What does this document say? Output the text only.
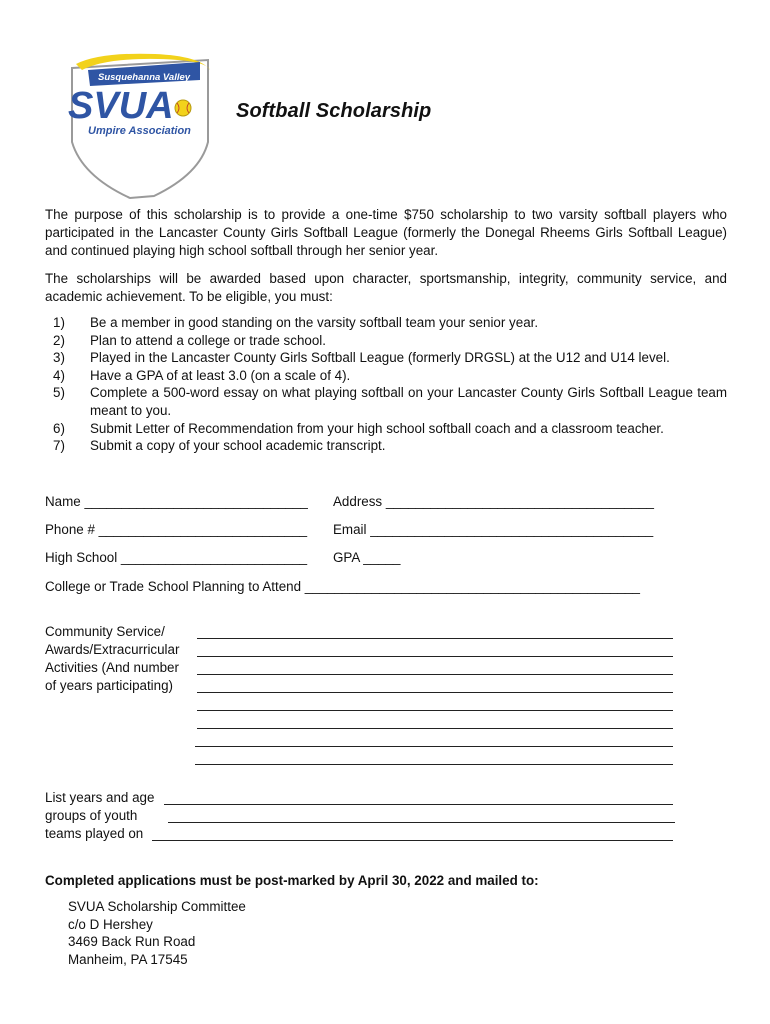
Susquehanna Valley
SVUA
Umpire Association
Softball Scholarship

The purpose of this scholarship is to provide a one-time $750 scholarship to two varsity softball players who participated in the Lancaster County Girls Softball League (formerly the Donegal Rheems Girls Softball League) and continued playing high school softball through her senior year.

The scholarships will be awarded based upon character, sportsmanship, integrity, community service, and academic achievement. To be eligible, you must:

1)	Be a member in good standing on the varsity softball team your senior year.
2)	Plan to attend a college or trade school.
3)	Played in the Lancaster County Girls Softball League (formerly DRGSL) at the U12 and U14 level.
4)	Have a GPA of at least 3.0 (on a scale of 4).
5)	Complete a 500-word essay on what playing softball on your Lancaster County Girls Softball League team meant to you.
6)	Submit Letter of Recommendation from your high school softball coach and a classroom teacher.
7)	Submit a copy of your school academic transcript.
Name ______________________________ Address ____________________________________
Phone # ____________________________ Email ______________________________________
High School _________________________ GPA _____
College or Trade School Planning to Attend _____________________________________________
Community Service/
Awards/Extracurricular
Activities (And number
of years participating)
List years and age
groups of youth
teams played on

Completed applications must be post-marked by April 30, 2022 and mailed to:

SVUA Scholarship Committee
c/o D Hershey
3469 Back Run Road
Manheim, PA 17545
